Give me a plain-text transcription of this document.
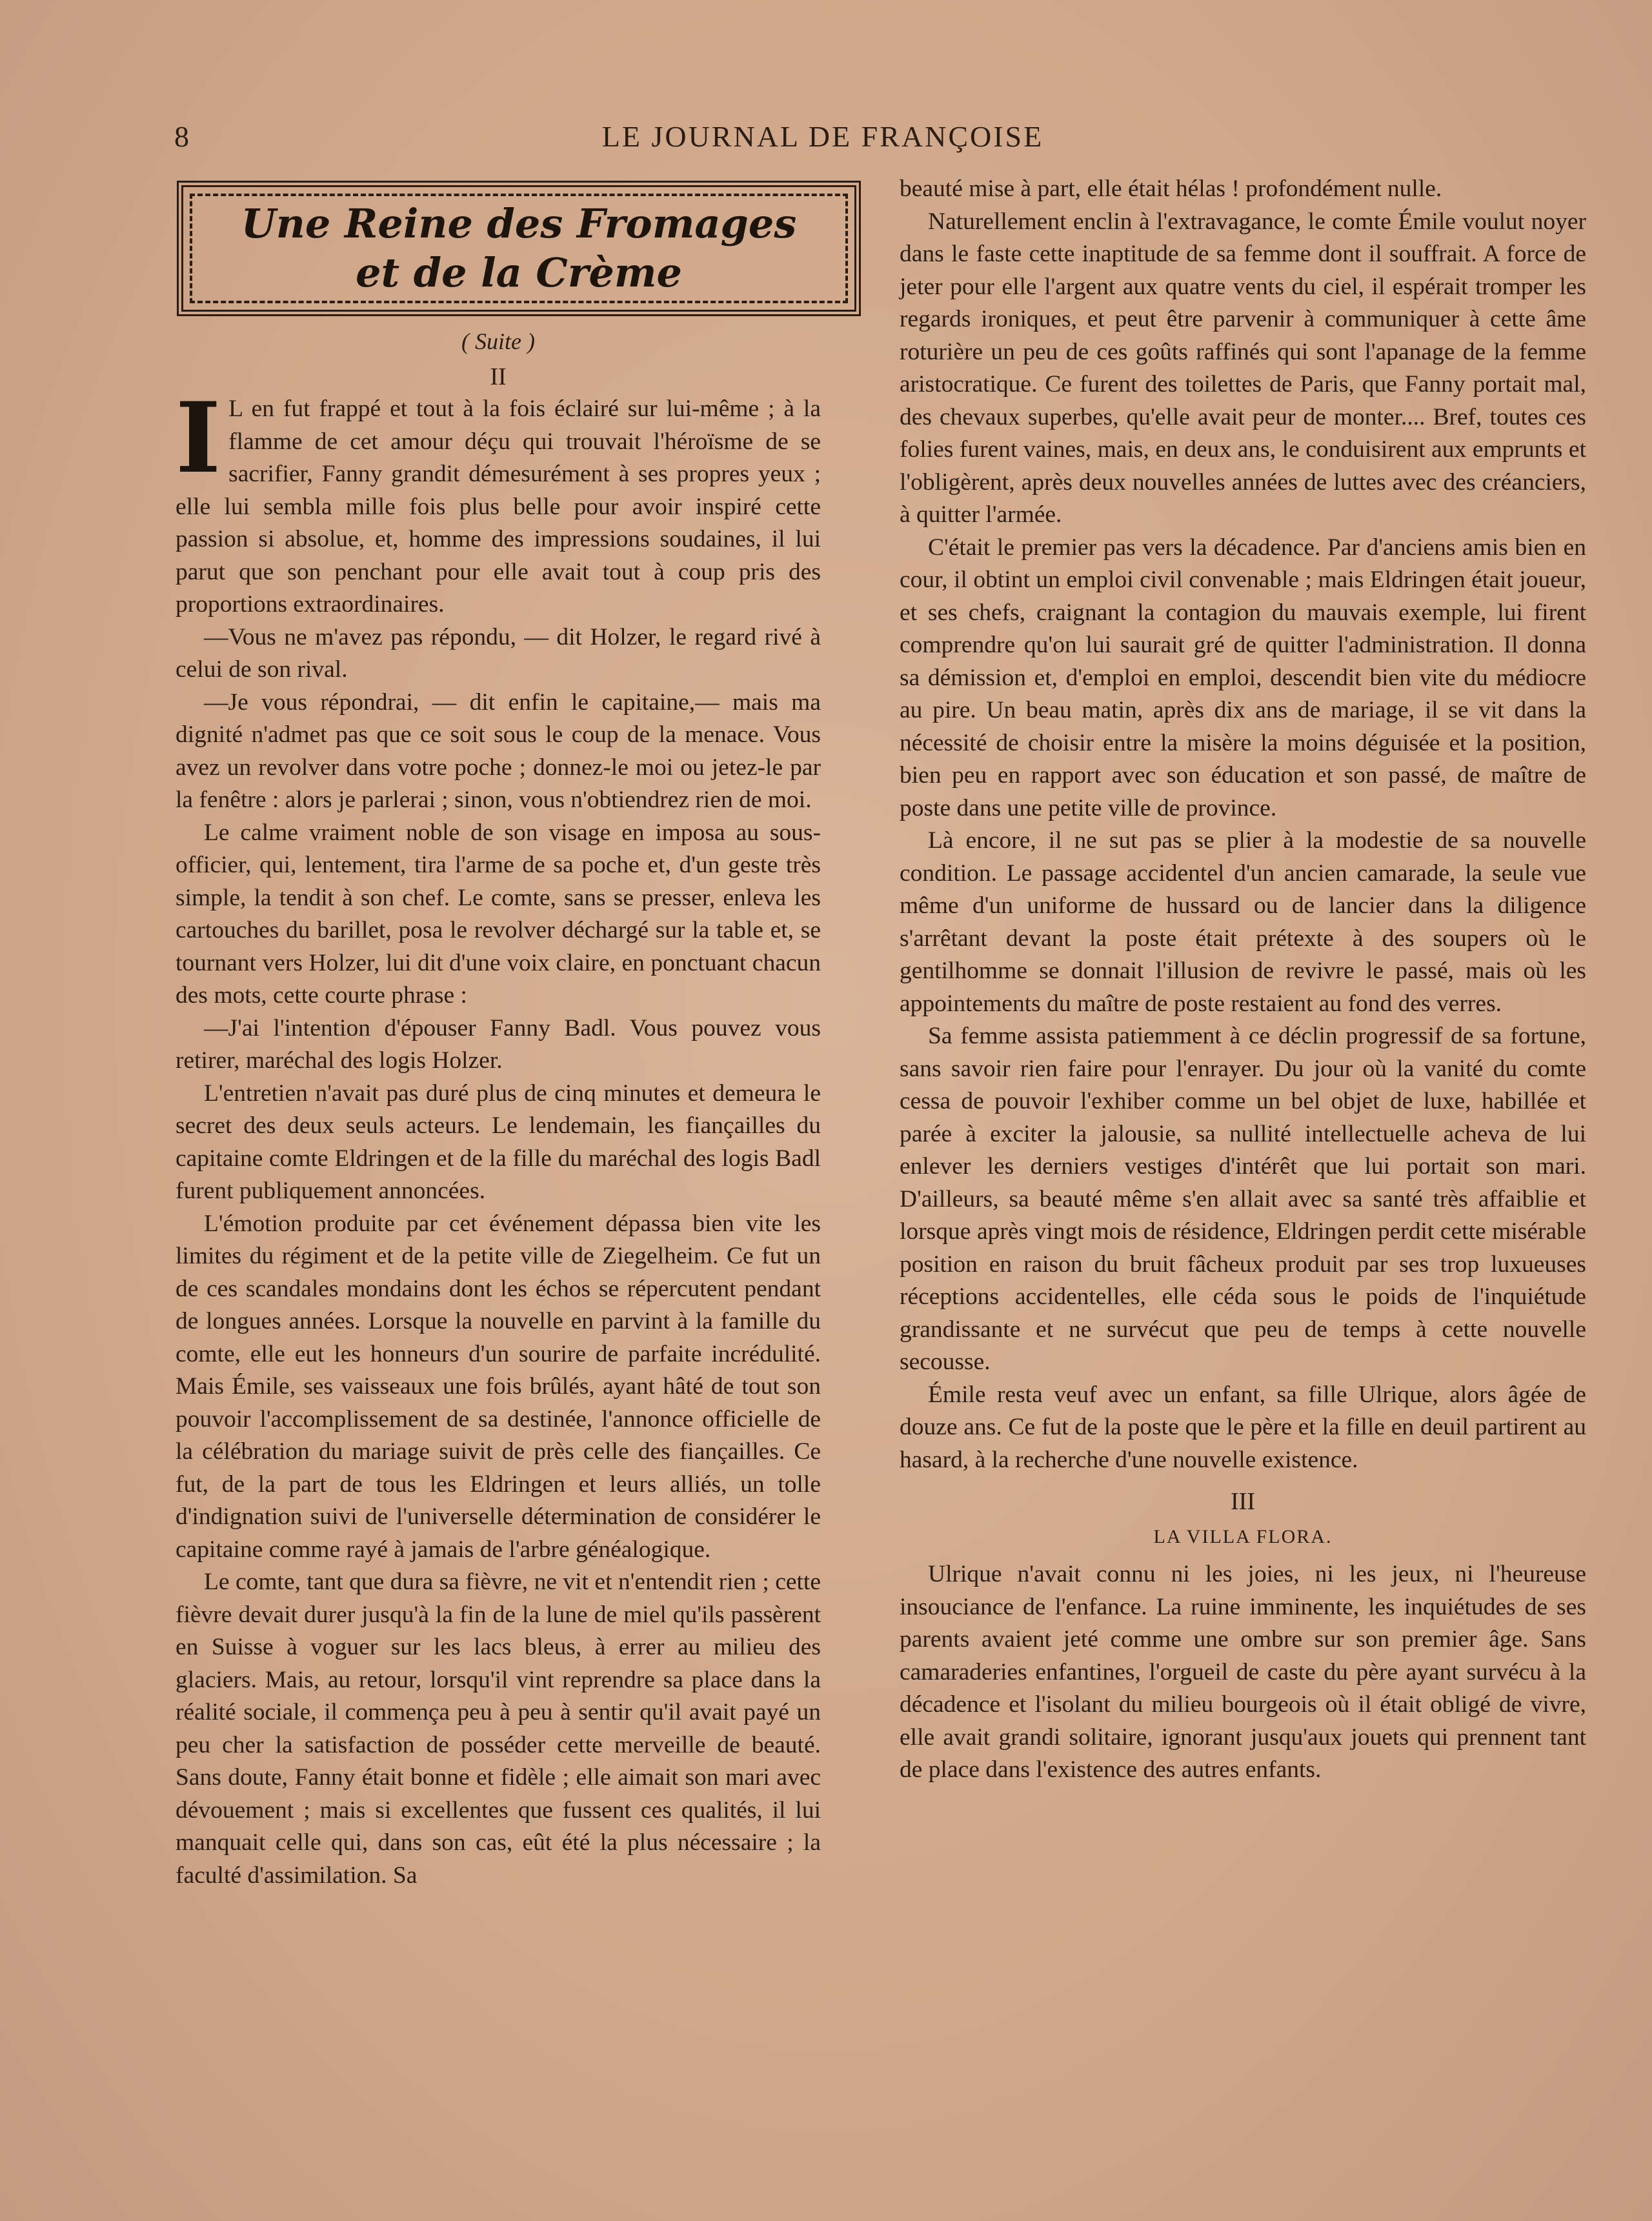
8	LE JOURNAL DE FRANÇOISE
Une Reine des Fromages
et de la Crème
( Suite )
II

I L en fut frappé et tout à la fois éclairé sur lui-même ; à la flamme de cet amour déçu qui trouvait l'héroïsme de se sacrifier, Fanny grandit démesurément à ses propres yeux ; elle lui sembla mille fois plus belle pour avoir inspiré cette passion si absolue, et, homme des impressions soudaines, il lui parut que son penchant pour elle avait tout à coup pris des proportions extraordinaires.

—Vous ne m'avez pas répondu, — dit Holzer, le regard rivé à celui de son rival.

—Je vous répondrai, — dit enfin le capitaine,— mais ma dignité n'admet pas que ce soit sous le coup de la menace. Vous avez un revolver dans votre poche ; donnez-le moi ou jetez-le par la fenêtre : alors je parlerai ; sinon, vous n'obtiendrez rien de moi.

Le calme vraiment noble de son visage en imposa au sous-officier, qui, lentement, tira l'arme de sa poche et, d'un geste très simple, la tendit à son chef. Le comte, sans se presser, enleva les cartouches du barillet, posa le revolver déchargé sur la table et, se tournant vers Holzer, lui dit d'une voix claire, en ponctuant chacun des mots, cette courte phrase :

—J'ai l'intention d'épouser Fanny Badl. Vous pouvez vous retirer, maréchal des logis Holzer.

L'entretien n'avait pas duré plus de cinq minutes et demeura le secret des deux seuls acteurs. Le lendemain, les fiançailles du capitaine comte Eldringen et de la fille du maréchal des logis Badl furent publiquement annoncées.

L'émotion produite par cet événement dépassa bien vite les limites du régiment et de la petite ville de Ziegelheim. Ce fut un de ces scandales mondains dont les échos se répercutent pendant de longues années. Lorsque la nouvelle en parvint à la famille du comte, elle eut les honneurs d'un sourire de parfaite incrédulité. Mais Émile, ses vaisseaux une fois brûlés, ayant hâté de tout son pouvoir l'accomplissement de sa destinée, l'annonce officielle de la célébration du mariage suivit de près celle des fiançailles. Ce fut, de la part de tous les Eldringen et leurs alliés, un tolle d'indignation suivi de l'universelle détermination de considérer le capitaine comme rayé à jamais de l'arbre généalogique.

Le comte, tant que dura sa fièvre, ne vit et n'entendit rien ; cette fièvre devait durer jusqu'à la fin de la lune de miel qu'ils passèrent en Suisse à voguer sur les lacs bleus, à errer au milieu des glaciers. Mais, au retour, lorsqu'il vint reprendre sa place dans la réalité sociale, il commença peu à peu à sentir qu'il avait payé un peu cher la satisfaction de posséder cette merveille de beauté. Sans doute, Fanny était bonne et fidèle ; elle aimait son mari avec dévouement ; mais si excellentes que fussent ces qualités, il lui manquait celle qui, dans son cas, eût été la plus nécessaire ; la faculté d'assimilation. Sa

beauté mise à part, elle était hélas ! profondément nulle.

Naturellement enclin à l'extravagance, le comte Émile voulut noyer dans le faste cette inaptitude de sa femme dont il souffrait. A force de jeter pour elle l'argent aux quatre vents du ciel, il espérait tromper les regards ironiques, et peut être parvenir à communiquer à cette âme roturière un peu de ces goûts raffinés qui sont l'apanage de la femme aristocratique. Ce furent des toilettes de Paris, que Fanny portait mal, des chevaux superbes, qu'elle avait peur de monter.... Bref, toutes ces folies furent vaines, mais, en deux ans, le conduisirent aux emprunts et l'obligèrent, après deux nouvelles années de luttes avec des créanciers, à quitter l'armée.

C'était le premier pas vers la décadence. Par d'anciens amis bien en cour, il obtint un emploi civil convenable ; mais Eldringen était joueur, et ses chefs, craignant la contagion du mauvais exemple, lui firent comprendre qu'on lui saurait gré de quitter l'administration. Il donna sa démission et, d'emploi en emploi, descendit bien vite du médiocre au pire. Un beau matin, après dix ans de mariage, il se vit dans la nécessité de choisir entre la misère la moins déguisée et la position, bien peu en rapport avec son éducation et son passé, de maître de poste dans une petite ville de province.

Là encore, il ne sut pas se plier à la modestie de sa nouvelle condition. Le passage accidentel d'un ancien camarade, la seule vue même d'un uniforme de hussard ou de lancier dans la diligence s'arrêtant devant la poste était prétexte à des soupers où le gentilhomme se donnait l'illusion de revivre le passé, mais où les appointements du maître de poste restaient au fond des verres.

Sa femme assista patiemment à ce déclin progressif de sa fortune, sans savoir rien faire pour l'enrayer. Du jour où la vanité du comte cessa de pouvoir l'exhiber comme un bel objet de luxe, habillée et parée à exciter la jalousie, sa nullité intellectuelle acheva de lui enlever les derniers vestiges d'intérêt que lui portait son mari. D'ailleurs, sa beauté même s'en allait avec sa santé très affaiblie et lorsque après vingt mois de résidence, Eldringen perdit cette misérable position en raison du bruit fâcheux produit par ses trop luxueuses réceptions accidentelles, elle céda sous le poids de l'inquiétude grandissante et ne survécut que peu de temps à cette nouvelle secousse.

Émile resta veuf avec un enfant, sa fille Ulrique, alors âgée de douze ans. Ce fut de la poste que le père et la fille en deuil partirent au hasard, à la recherche d'une nouvelle existence.

III
LA VILLA FLORA.

Ulrique n'avait connu ni les joies, ni les jeux, ni l'heureuse insouciance de l'enfance. La ruine imminente, les inquiétudes de ses parents avaient jeté comme une ombre sur son premier âge. Sans camaraderies enfantines, l'orgueil de caste du père ayant survécu à la décadence et l'isolant du milieu bourgeois où il était obligé de vivre, elle avait grandi solitaire, ignorant jusqu'aux jouets qui prennent tant de place dans l'existence des autres enfants.
